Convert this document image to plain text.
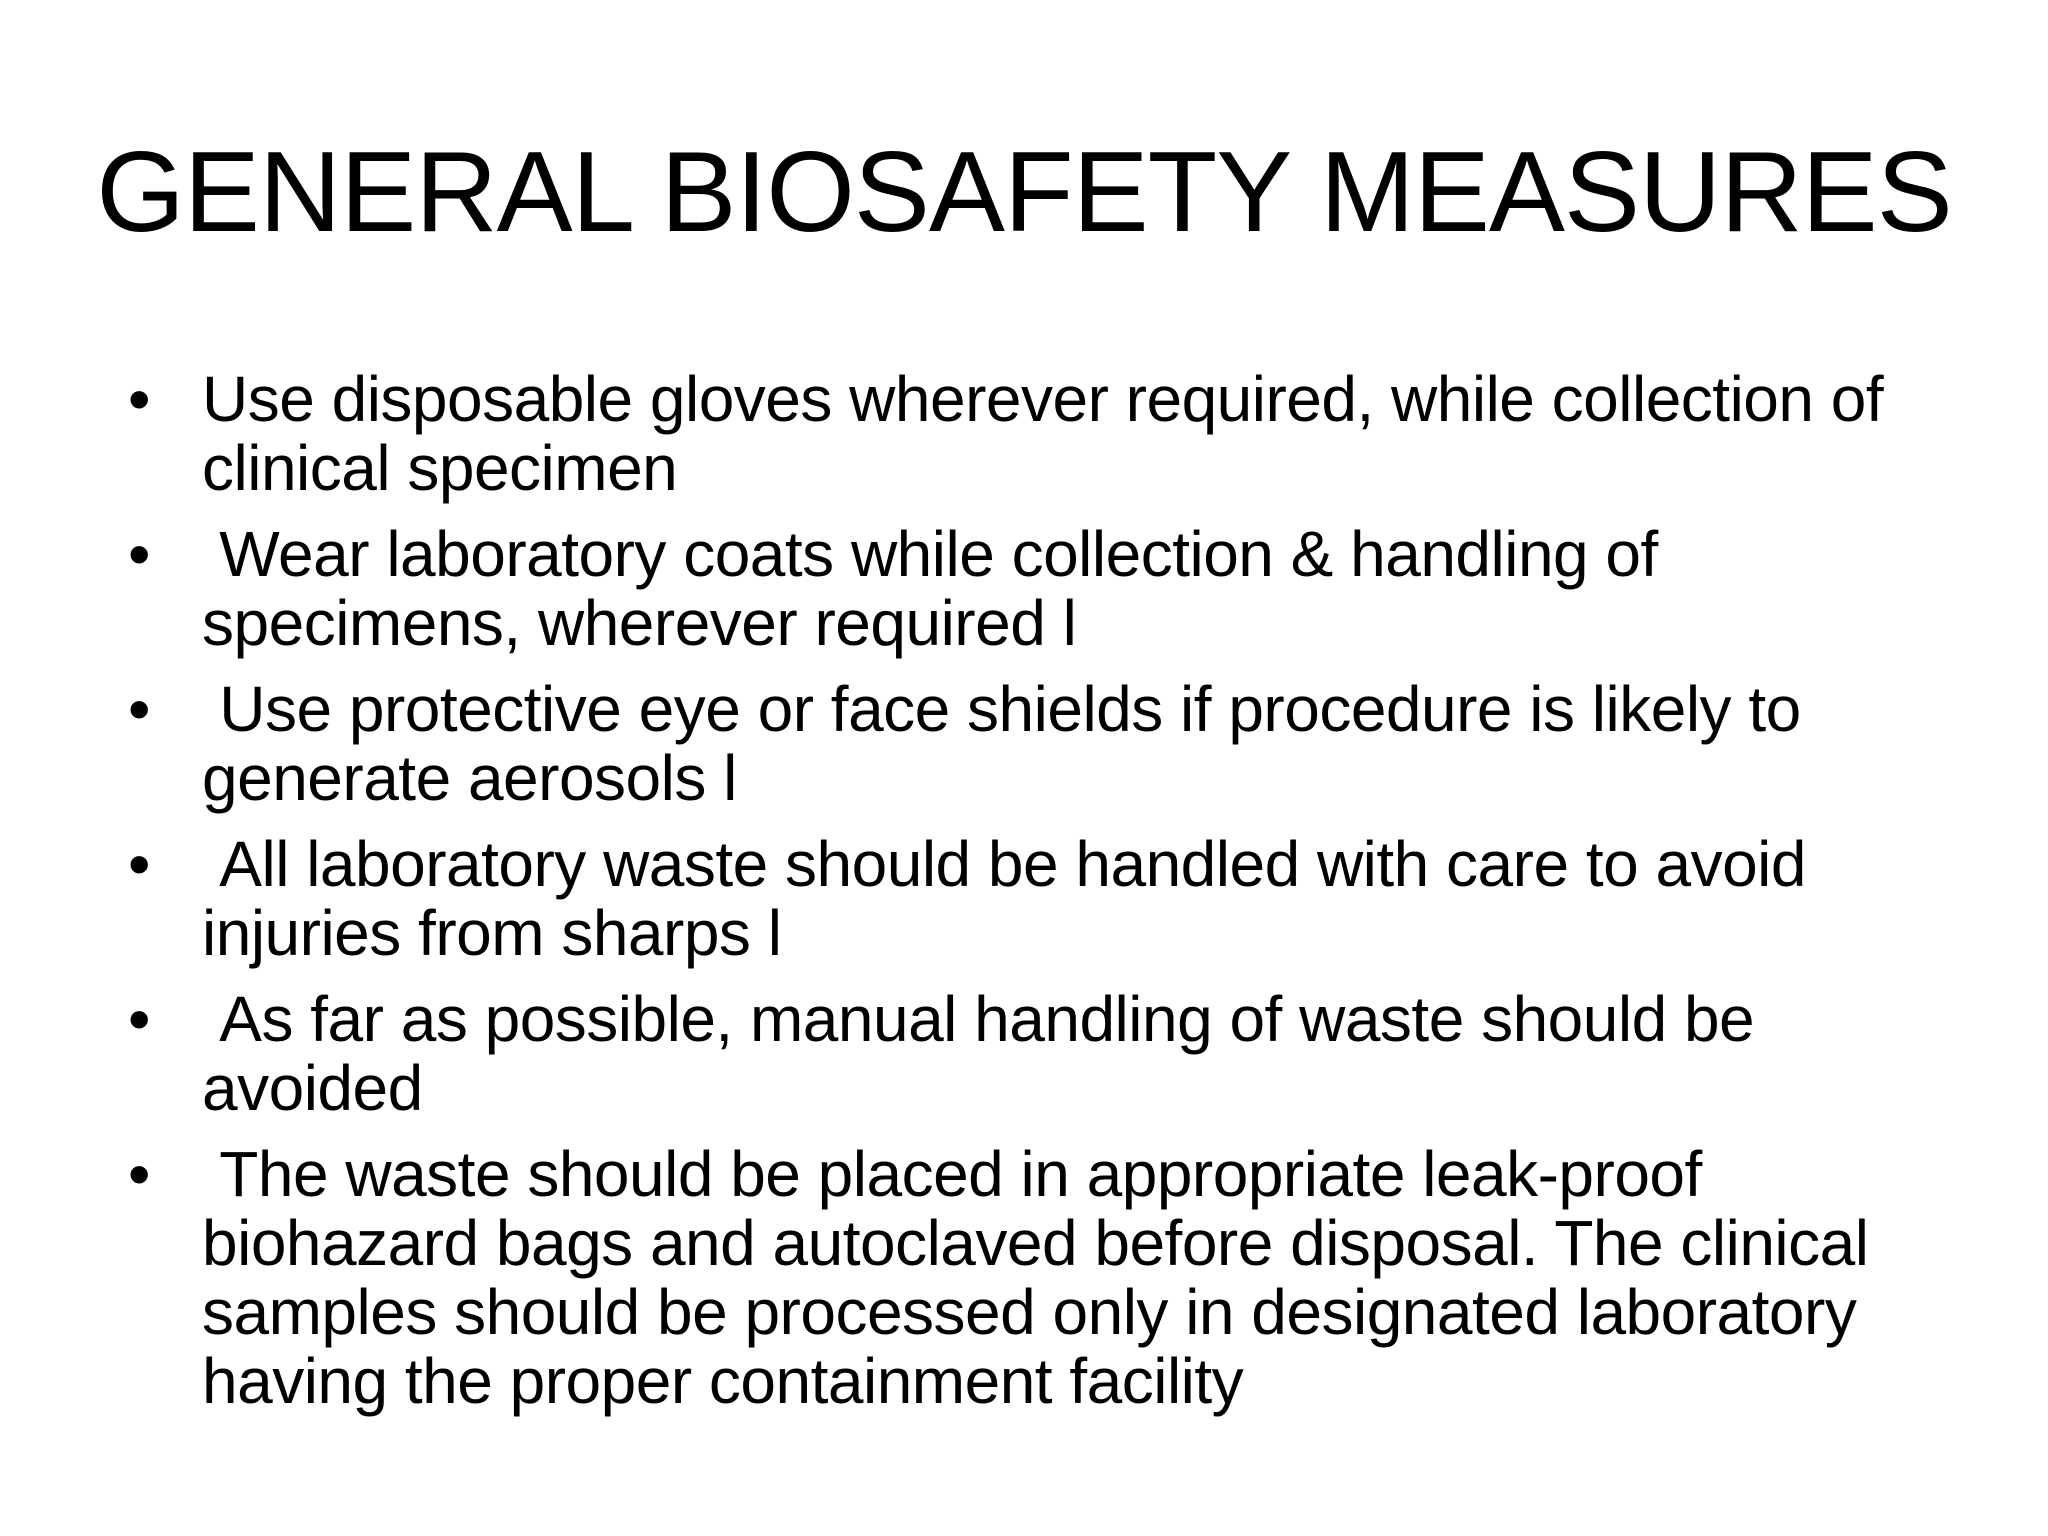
GENERAL BIOSAFETY MEASURES
• Use disposable gloves wherever required, while collection of clinical specimen
• Wear laboratory coats while collection & handling of specimens, wherever required l
• Use protective eye or face shields if procedure is likely to generate aerosols l
• All laboratory waste should be handled with care to avoid injuries from sharps l
• As far as possible, manual handling of waste should be avoided
• The waste should be placed in appropriate leak-proof biohazard bags and autoclaved before disposal. The clinical samples should be processed only in designated laboratory having the proper containment facility
